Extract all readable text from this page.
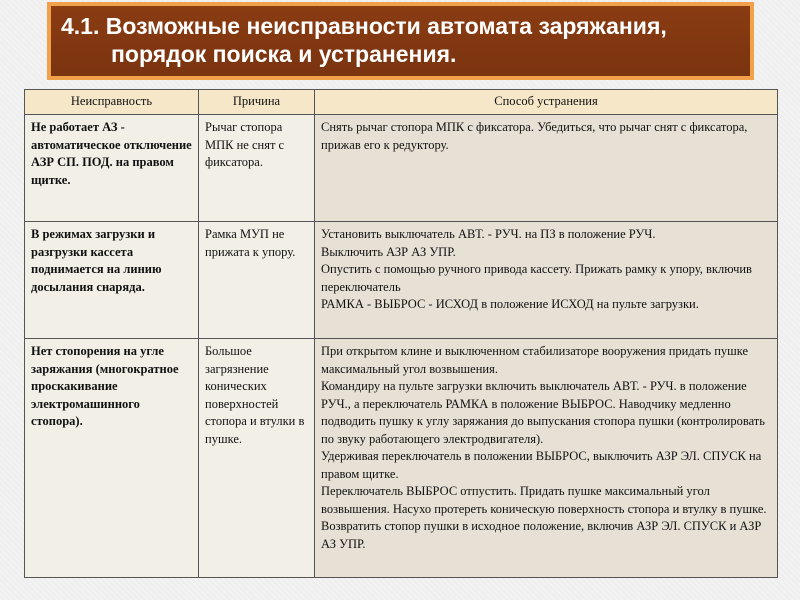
4.1. Возможные неисправности автомата заряжания,
порядок поиска и устранения.
Неисправность	Причина	Способ устранения
Не работает АЗ - автоматическое отключение АЗР СП. ПОД. на правом щитке.	Рычаг стопора МПК не снят с фиксатора.	Снять рычаг стопора МПК с фиксатора. Убедиться, что рычаг снят с фиксатора, прижав его к редуктору.

В режимах загрузки и разгрузки кассета поднимается на линию досылания снаряда.	Рамка МУП не прижата к упору.	Установить выключатель АВТ. - РУЧ. на ПЗ в положение РУЧ.
Выключить АЗР АЗ УПР.
Опустить с помощью ручного привода кассету. Прижать рамку к упору, включив переключатель
РАМКА - ВЫБРОС - ИСХОД в положение ИСХОД на пульте загрузки.

Нет стопорения на угле заряжания (многократное проскакивание электромашинного стопора).	Большое загрязнение конических поверхностей стопора и втулки в пушке.	При открытом клине и выключенном стабилизаторе вооружения придать пушке максимальный угол возвышения.
Командиру на пульте загрузки включить выключатель АВТ. - РУЧ. в положение РУЧ., а переключатель РАМКА в положение ВЫБРОС. Наводчику медленно подводить пушку к углу заряжания до выпускания стопора пушки (контролировать по звуку работающего электродвигателя).
Удерживая переключатель в положении ВЫБРОС, выключить АЗР ЭЛ. СПУСК на правом щитке.
Переключатель ВЫБРОС отпустить. Придать пушке максимальный угол возвышения. Насухо протереть коническую поверхность стопора и втулку в пушке. Возвратить стопор пушки в исходное положение, включив АЗР ЭЛ. СПУСК и АЗР АЗ УПР.
